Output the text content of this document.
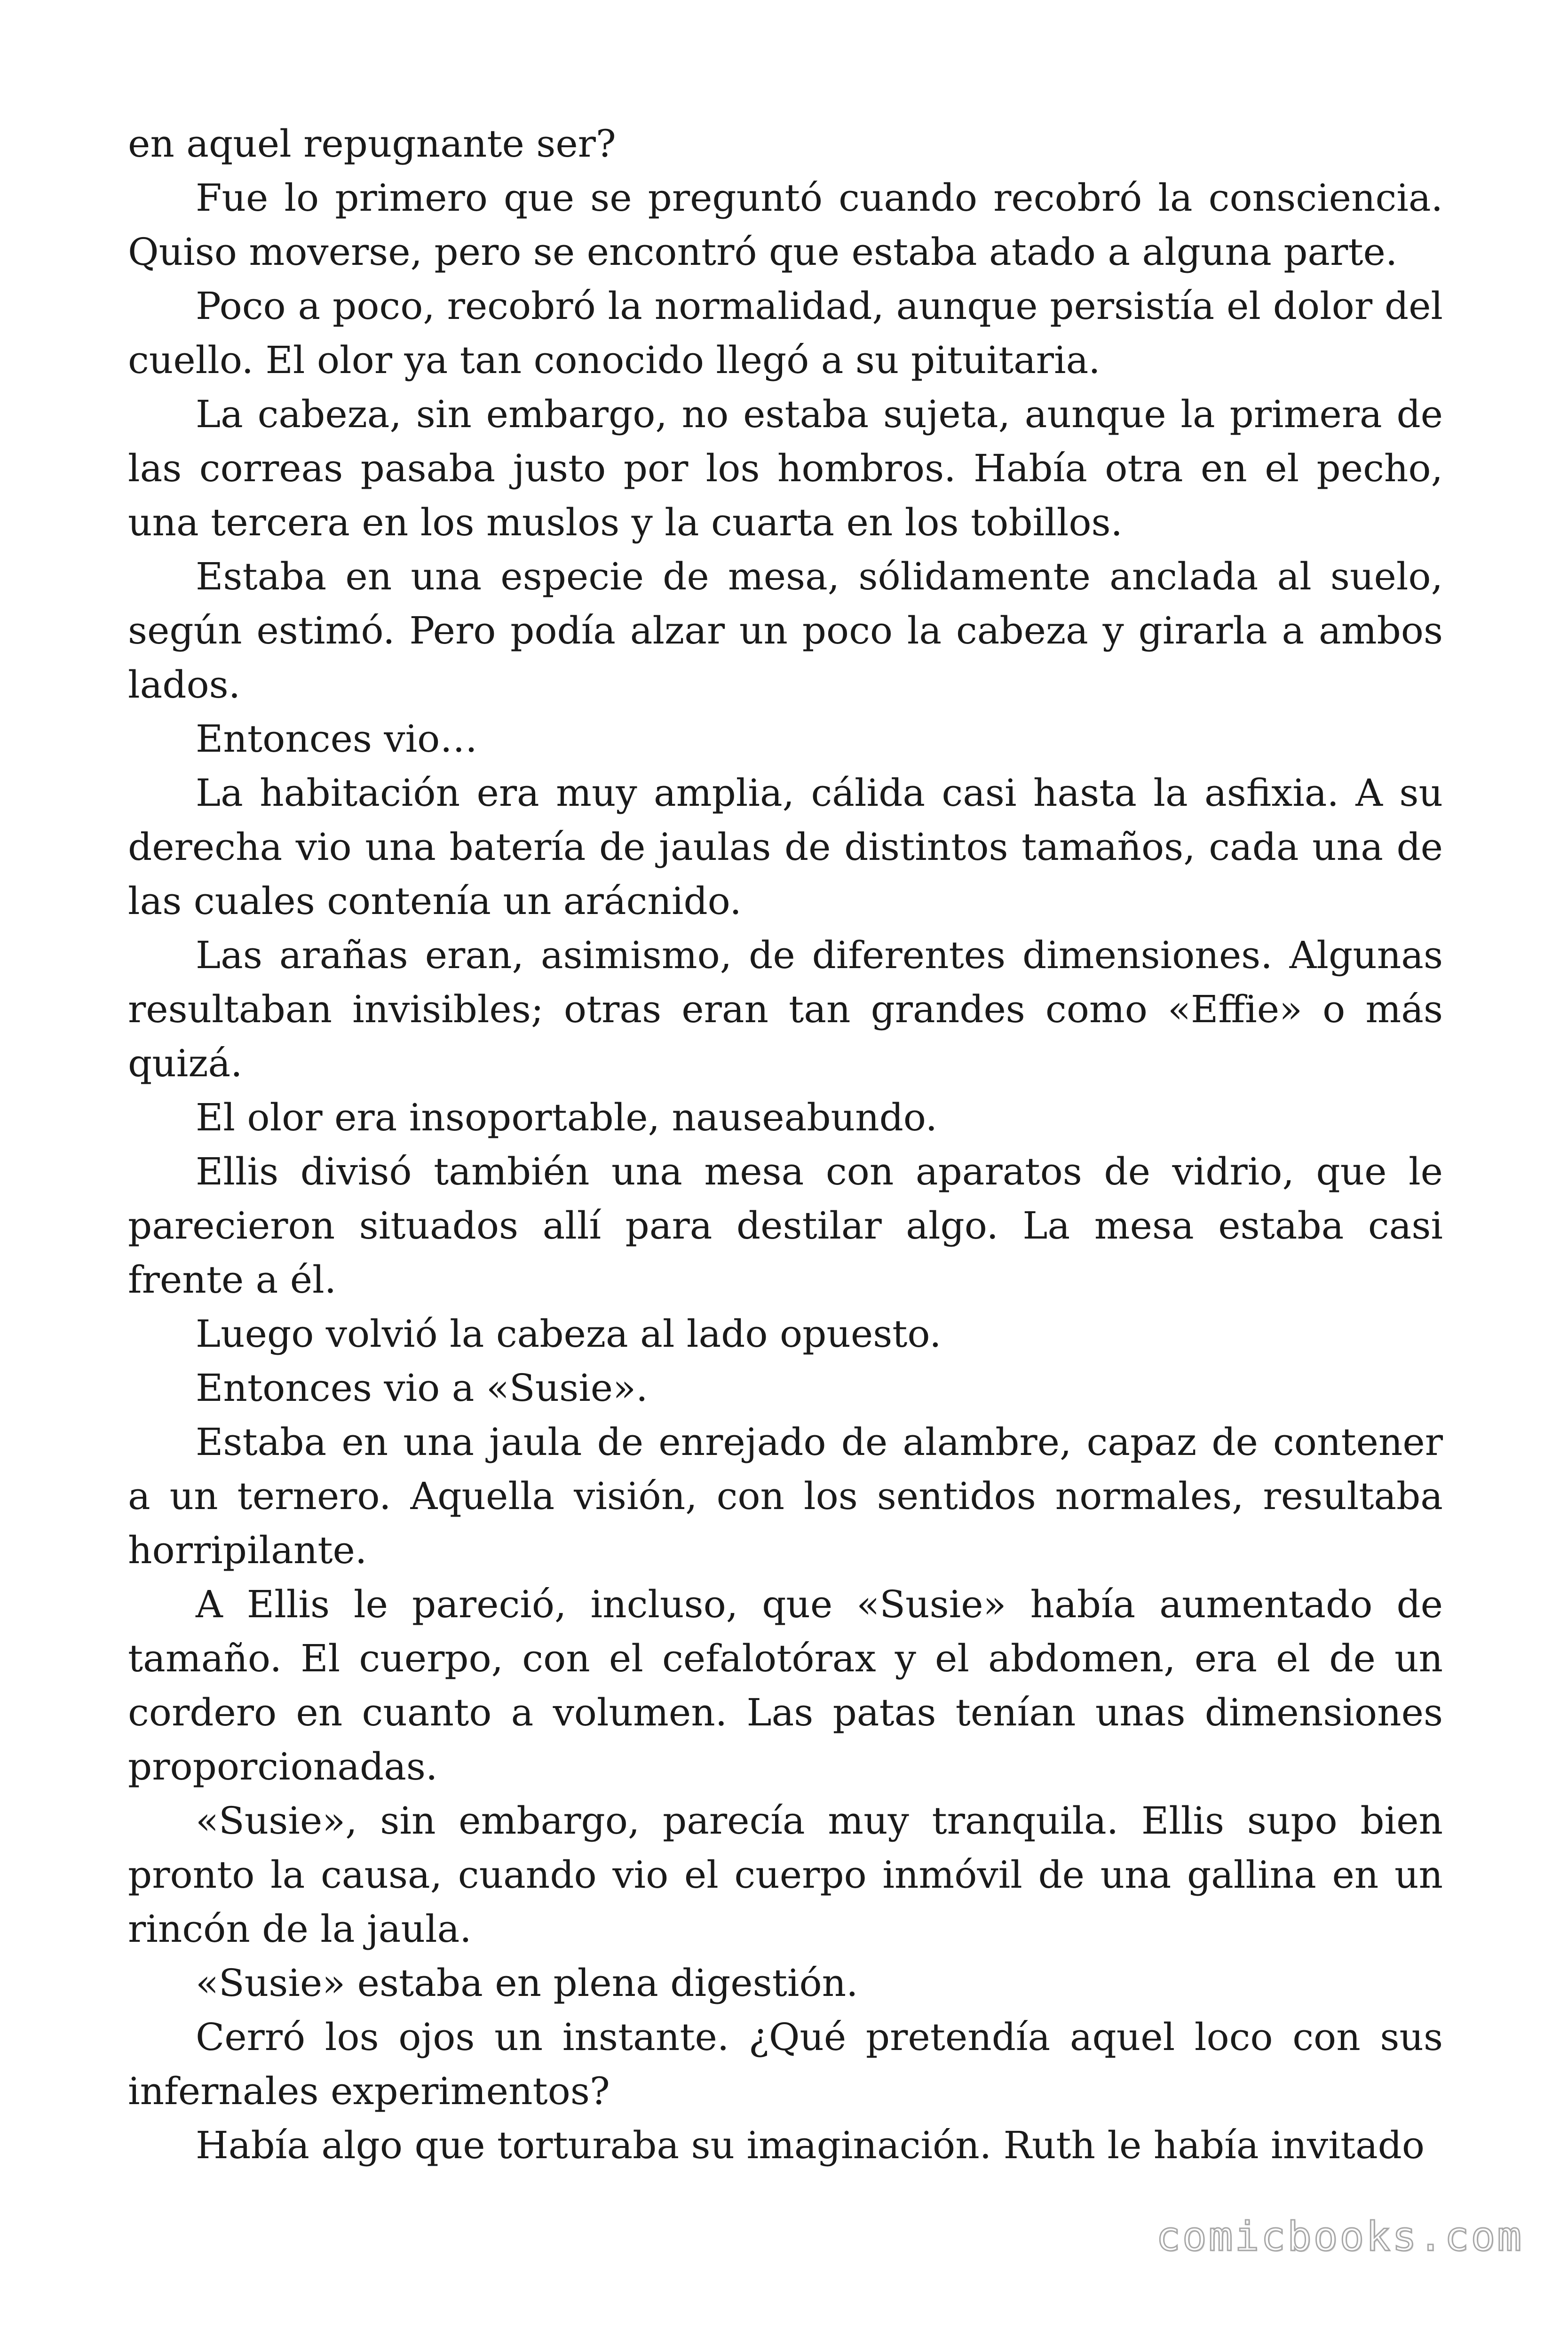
en aquel repugnante ser?

Fue lo primero que se preguntó cuando recobró la consciencia. Quiso moverse, pero se encontró que estaba atado a alguna parte.

Poco a poco, recobró la normalidad, aunque persistía el dolor del cuello. El olor ya tan conocido llegó a su pituitaria.

La cabeza, sin embargo, no estaba sujeta, aunque la primera de las correas pasaba justo por los hombros. Había otra en el pecho, una tercera en los muslos y la cuarta en los tobillos.

Estaba en una especie de mesa, sólidamente anclada al suelo, según estimó. Pero podía alzar un poco la cabeza y girarla a ambos lados.

Entonces vio…

La habitación era muy amplia, cálida casi hasta la asfixia. A su derecha vio una batería de jaulas de distintos tamaños, cada una de las cuales contenía un arácnido.

Las arañas eran, asimismo, de diferentes dimensiones. Algunas resultaban invisibles; otras eran tan grandes como «Effie» o más quizá.

El olor era insoportable, nauseabundo.

Ellis divisó también una mesa con aparatos de vidrio, que le parecieron situados allí para destilar algo. La mesa estaba casi frente a él.

Luego volvió la cabeza al lado opuesto.

Entonces vio a «Susie».

Estaba en una jaula de enrejado de alambre, capaz de contener a un ternero. Aquella visión, con los sentidos normales, resultaba horripilante.

A Ellis le pareció, incluso, que «Susie» había aumentado de tamaño. El cuerpo, con el cefalotórax y el abdomen, era el de un cordero en cuanto a volumen. Las patas tenían unas dimensiones proporcionadas.

«Susie», sin embargo, parecía muy tranquila. Ellis supo bien pronto la causa, cuando vio el cuerpo inmóvil de una gallina en un rincón de la jaula.

«Susie» estaba en plena digestión.

Cerró los ojos un instante. ¿Qué pretendía aquel loco con sus infernales experimentos?

Había algo que torturaba su imaginación. Ruth le había invitado

comicbooks.com
